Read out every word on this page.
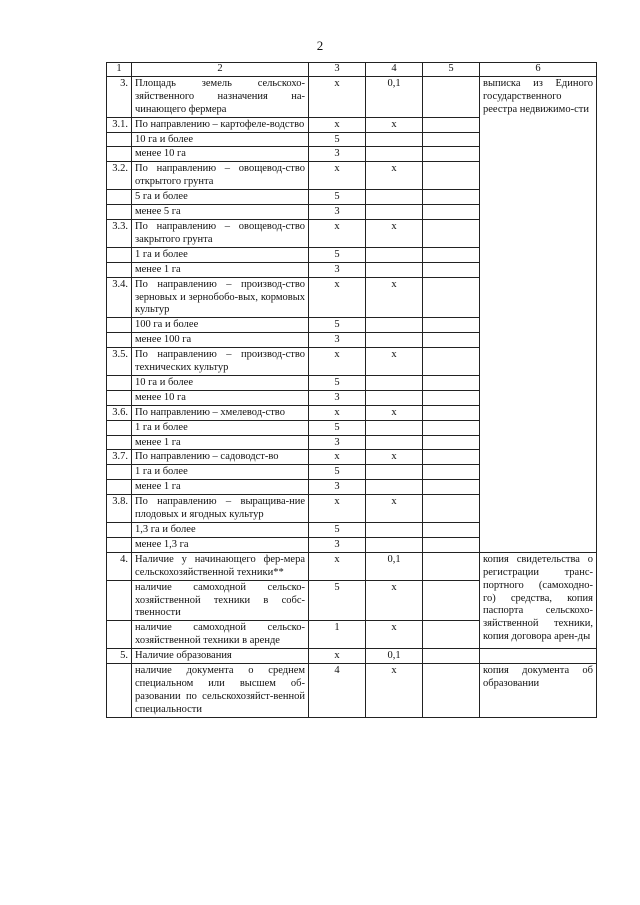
2
1	2	3	4	5	6
3.	Площадь земель сельскохо-зяйственного назначения на-чинающего фермера	x	0,1		выписка из Единого государственного реестра недвижимо-сти
3.1.	По направлению – картофеле-водство	x	x		
	10 га и более	5			
	менее 10 га	3			
3.2.	По направлению – овощевод-ство открытого грунта	x	x		
	5 га и более	5			
	менее 5 га	3			
3.3.	По направлению – овощевод-ство закрытого грунта	x	x		
	1 га и более	5			
	менее 1 га	3			
3.4.	По направлению – производ-ство зерновых и зернобобо-вых, кормовых культур	x	x		
	100 га и более	5			
	менее 100 га	3			
3.5.	По направлению – производ-ство технических культур	x	x		
	10 га и более	5			
	менее 10 га	3			
3.6.	По направлению – хмелевод-ство	x	x		
	1 га и более	5			
	менее 1 га	3			
3.7.	По направлению – садоводст-во	x	x		
	1 га и более	5			
	менее 1 га	3			
3.8.	По направлению – выращива-ние плодовых и ягодных культур	x	x		
	1,3 га и более	5			
	менее 1,3 га	3			
4.	Наличие у начинающего фер-мера сельскохозяйственной техники**	x	0,1		копия свидетельства о регистрации транс-портного (самоходно-го) средства, копия паспорта сельскохо-зяйственной техники, копия договора арен-ды
	наличие самоходной сельско-хозяйственной техники в собс-твенности	5	x		
	наличие самоходной сельско-хозяйственной техники в аренде	1	x		
5.	Наличие образования	x	0,1		
	наличие документа о среднем специальном или высшем об-разовании по сельскохозяйст-венной специальности	4	x		копия документа об образовании
